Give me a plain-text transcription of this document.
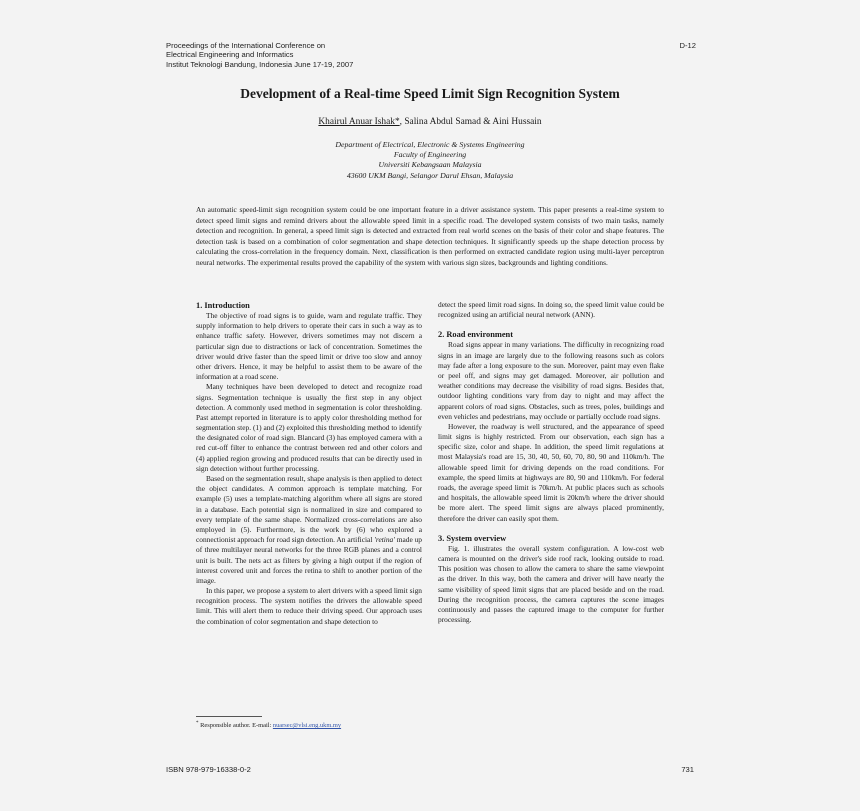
Proceedings of the International Conference on
Electrical Engineering and Informatics
Institut Teknologi Bandung, Indonesia June 17-19, 2007
D-12
Development of a Real-time Speed Limit Sign Recognition System
Khairul Anuar Ishak*, Salina Abdul Samad & Aini Hussain
Department of Electrical, Electronic & Systems Engineering
Faculty of Engineering
Universiti Kebangsaan Malaysia
43600 UKM Bangi, Selangor Darul Ehsan, Malaysia
An automatic speed-limit sign recognition system could be one important feature in a driver assistance system. This paper presents a real-time system to detect speed limit signs and remind drivers about the allowable speed limit in a specific road. The developed system consists of two main tasks, namely detection and recognition. In general, a speed limit sign is detected and extracted from real world scenes on the basis of their color and shape features. The detection task is based on a combination of color segmentation and shape detection techniques. It significantly speeds up the shape detection process by calculating the cross-correlation in the frequency domain. Next, classification is then performed on extracted candidate region using multi-layer perceptron neural networks. The experimental results proved the capability of the system with various sign sizes, backgrounds and lighting conditions.
1. Introduction

The objective of road signs is to guide, warn and regulate traffic. They supply information to help drivers to operate their cars in such a way as to enhance traffic safety. However, drivers sometimes may not discern a particular sign due to distractions or lack of concentration. Sometimes the driver would drive faster than the speed limit or drive too slow and annoy other drivers. Hence, it may be helpful to assist them to be aware of the information at a road scene.

Many techniques have been developed to detect and recognize road signs. Segmentation technique is usually the first step in any object detection. A commonly used method in segmentation is color thresholding. Past attempt reported in literature is to apply color thresholding method for segmentation step. (1) and (2) exploited this thresholding method to identify the designated color of road sign. Blancard (3) has employed camera with a red cut-off filter to enhance the contrast between red and other colors and (4) applied region growing and produced results that can be directly used in sign detection without further processing.

Based on the segmentation result, shape analysis is then applied to detect the object candidates. A common approach is template matching. For example (5) uses a template-matching algorithm where all signs are stored in a database. Each potential sign is normalized in size and compared to every template of the same shape. Normalized cross-correlations are also employed in (5). Furthermore, is the work by (6) who explored a connectionist approach for road sign detection. An artificial 'retina' made up of three multilayer neural networks for the three RGB planes and a control unit is built. The nets act as filters by giving a high output if the region of interest covered unit and forces the retina to shift to another portion of the image.

In this paper, we propose a system to alert drivers with a speed limit sign recognition process. The system notifies the drivers the allowable speed limit. This will alert them to reduce their driving speed. Our approach uses the combination of color segmentation and shape detection to

detect the speed limit road signs. In doing so, the speed limit value could be recognized using an artificial neural network (ANN).

2. Road environment

Road signs appear in many variations. The difficulty in recognizing road signs in an image are largely due to the following reasons such as colors may fade after a long exposure to the sun. Moreover, paint may even flake or peel off, and signs may get damaged. Moreover, air pollution and weather conditions may decrease the visibility of road signs. Besides that, outdoor lighting conditions vary from day to night and may affect the apparent colors of road signs. Obstacles, such as trees, poles, buildings and even vehicles and pedestrians, may occlude or partially occlude road signs.

However, the roadway is well structured, and the appearance of speed limit signs is highly restricted. From our observation, each sign has a specific size, color and shape. In addition, the speed limit regulations at most Malaysia's road are 15, 30, 40, 50, 60, 70, 80, 90 and 110km/h. The allowable speed limit for driving depends on the road conditions. For example, the speed limits at highways are 80, 90 and 110km/h. For federal roads, the average speed limit is 70km/h. At public places such as schools and hospitals, the allowable speed limit is 20km/h where the driver should be more alert. The speed limit signs are always placed prominently, therefore the driver can easily spot them.

3. System overview

Fig. 1. illustrates the overall system configuration. A low-cost web camera is mounted on the driver's side roof rack, looking outside to road. This position was chosen to allow the camera to share the same viewpoint as the driver. In this way, both the camera and driver will have nearly the same visibility of speed limit signs that are placed beside and on the road. During the recognition process, the camera captures the scene images continuously and passes the captured image to the computer for further processing.

* Responsible author. E-mail: nuarsec@vlsi.eng.ukm.my
ISBN 978-979-16338-0-2	731
